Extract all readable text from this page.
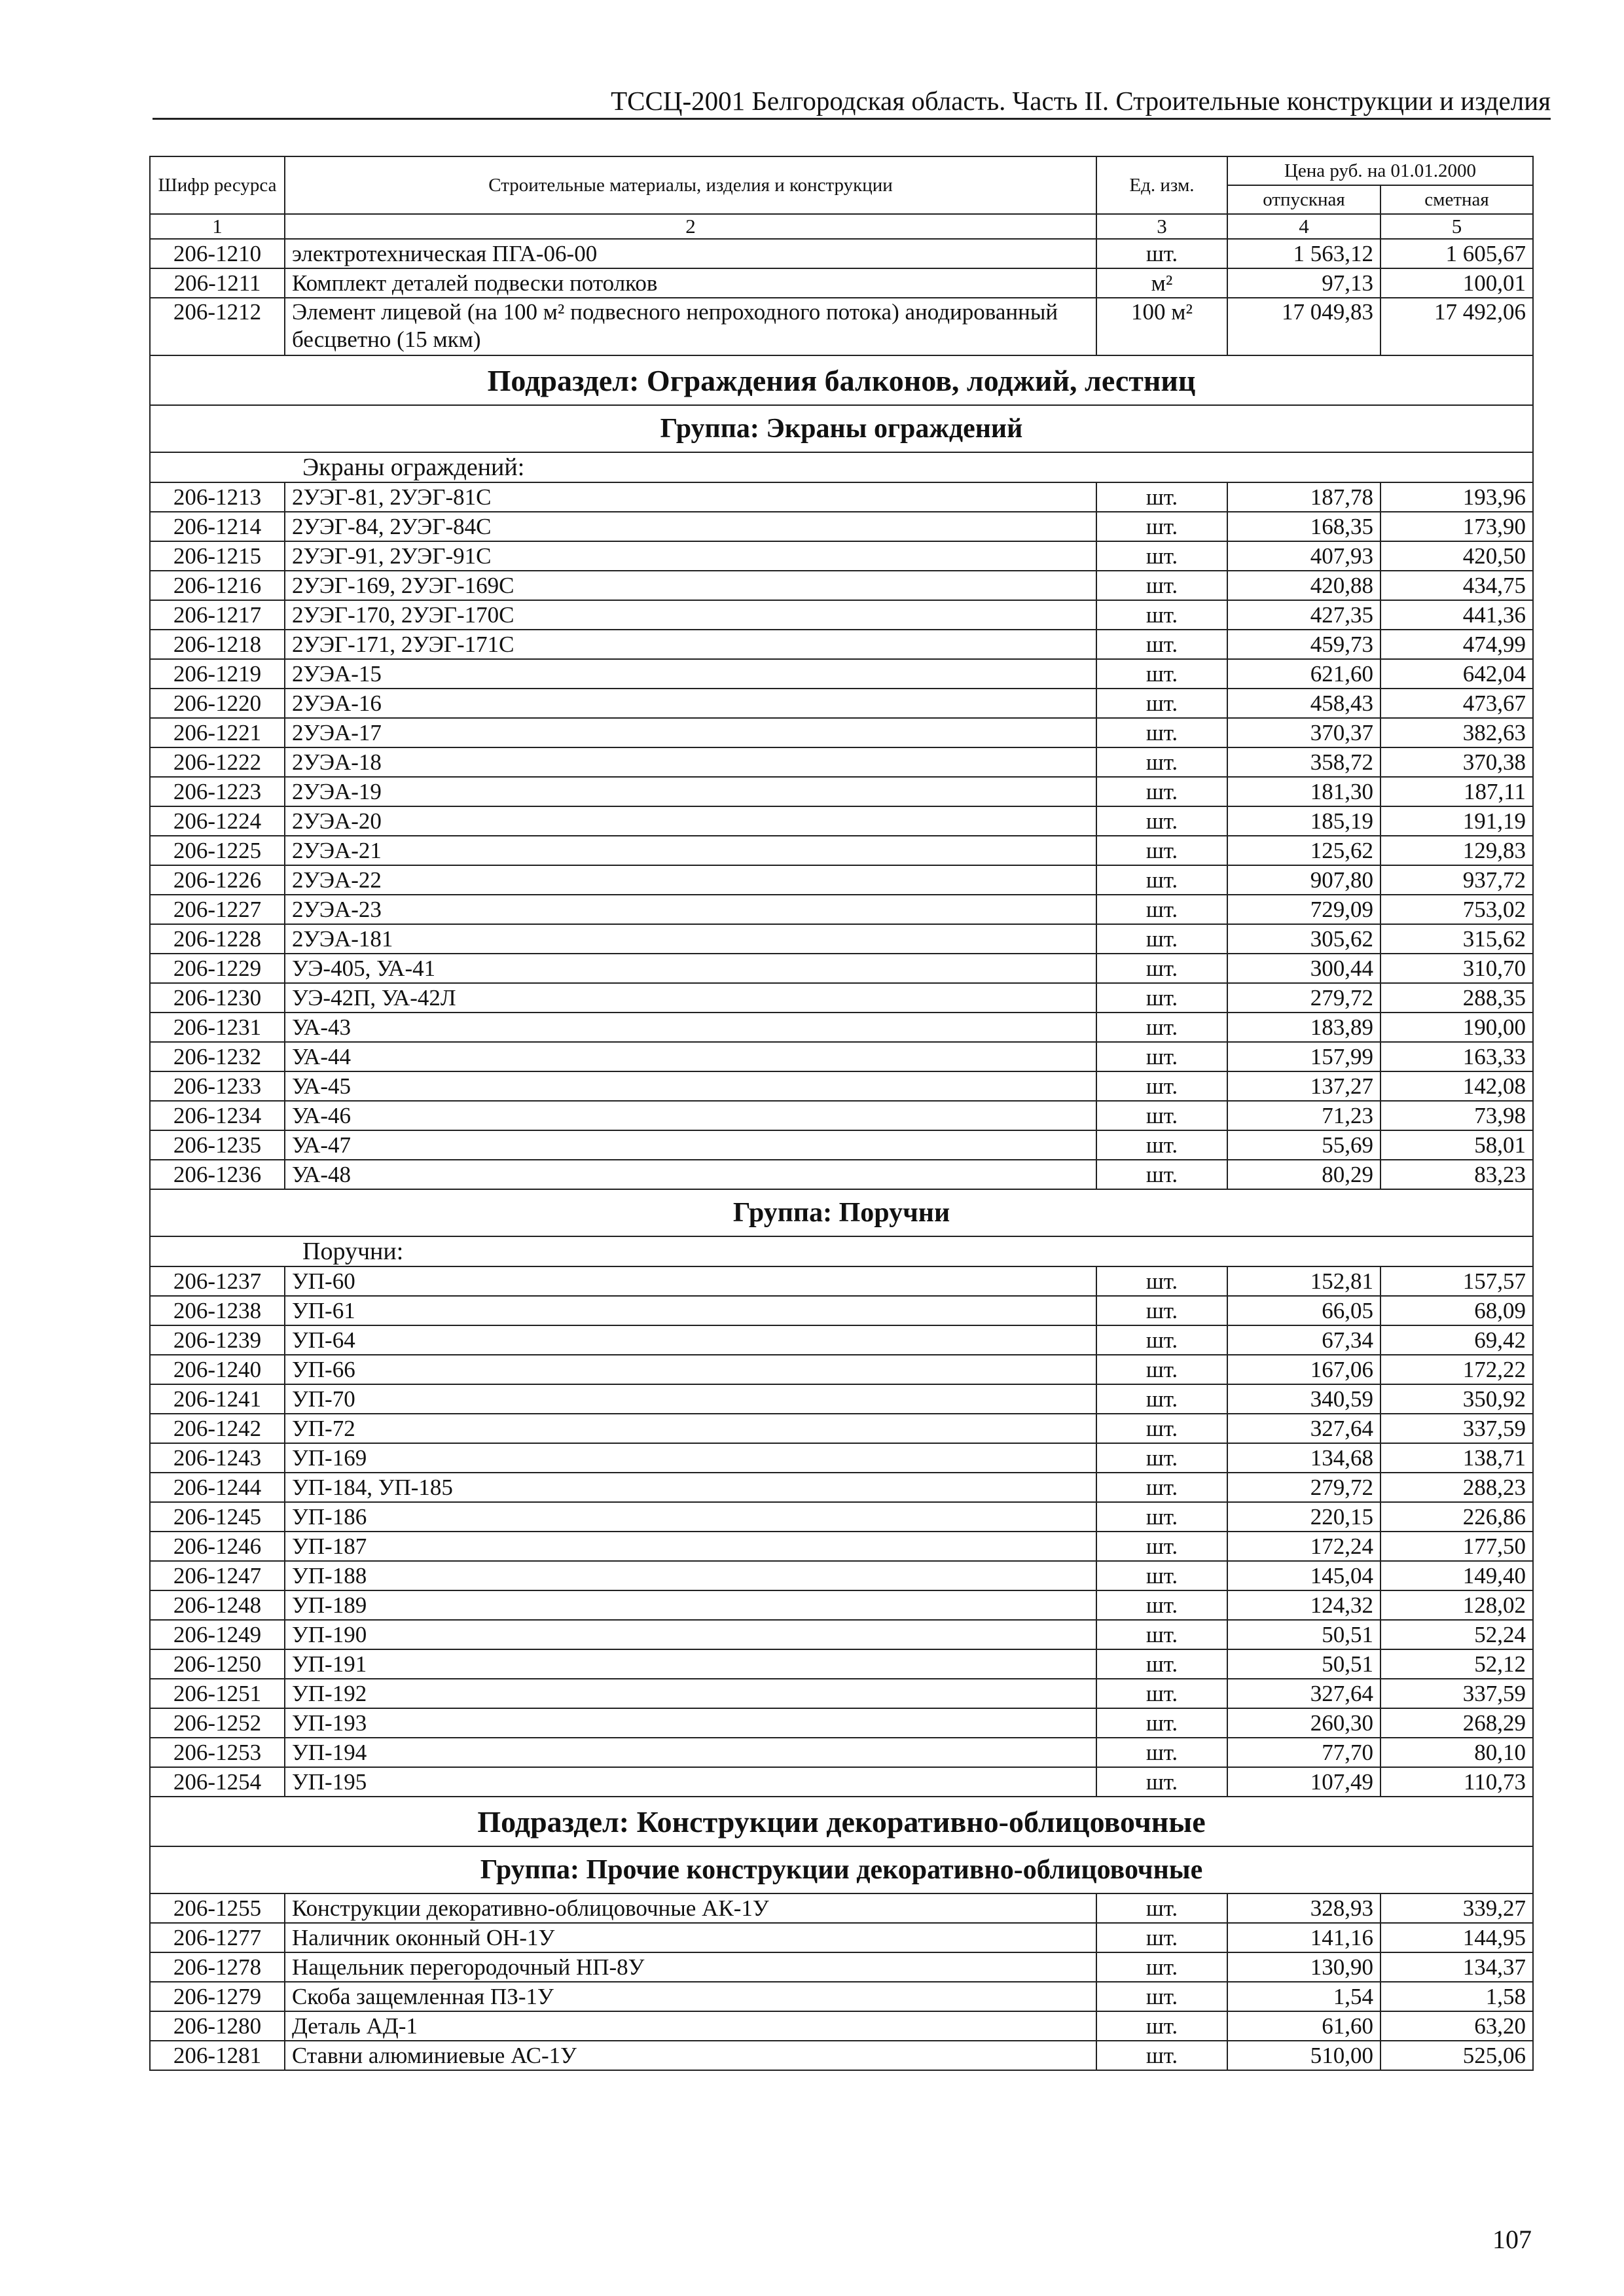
ТССЦ-2001 Белгородская область. Часть II. Строительные конструкции и изделия
Шифр ресурса	Строительные материалы, изделия и конструкции	Ед. изм.	Цена руб. на 01.01.2000	
			отпускная	сметная
1	2	3	4	5
206-1210	электротехническая ПГА-06-00	шт.	1 563,12	1 605,67
206-1211	Комплект деталей подвески потолков	м²	97,13	100,01
206-1212	Элемент лицевой (на 100 м² подвесного непроходного потока) анодированный бесцветно (15 мкм)	100 м²	17 049,83	17 492,06
Подраздел: Ограждения балконов, лоджий, лестниц				
Группа: Экраны ограждений				
Экраны ограждений:				
206-1213	2УЭГ-81, 2УЭГ-81С	шт.	187,78	193,96
206-1214	2УЭГ-84, 2УЭГ-84С	шт.	168,35	173,90
206-1215	2УЭГ-91, 2УЭГ-91С	шт.	407,93	420,50
206-1216	2УЭГ-169, 2УЭГ-169С	шт.	420,88	434,75
206-1217	2УЭГ-170, 2УЭГ-170С	шт.	427,35	441,36
206-1218	2УЭГ-171, 2УЭГ-171С	шт.	459,73	474,99
206-1219	2УЭА-15	шт.	621,60	642,04
206-1220	2УЭА-16	шт.	458,43	473,67
206-1221	2УЭА-17	шт.	370,37	382,63
206-1222	2УЭА-18	шт.	358,72	370,38
206-1223	2УЭА-19	шт.	181,30	187,11
206-1224	2УЭА-20	шт.	185,19	191,19
206-1225	2УЭА-21	шт.	125,62	129,83
206-1226	2УЭА-22	шт.	907,80	937,72
206-1227	2УЭА-23	шт.	729,09	753,02
206-1228	2УЭА-181	шт.	305,62	315,62
206-1229	УЭ-405, УА-41	шт.	300,44	310,70
206-1230	УЭ-42П, УА-42Л	шт.	279,72	288,35
206-1231	УА-43	шт.	183,89	190,00
206-1232	УА-44	шт.	157,99	163,33
206-1233	УА-45	шт.	137,27	142,08
206-1234	УА-46	шт.	71,23	73,98
206-1235	УА-47	шт.	55,69	58,01
206-1236	УА-48	шт.	80,29	83,23
Группа: Поручни				
Поручни:				
206-1237	УП-60	шт.	152,81	157,57
206-1238	УП-61	шт.	66,05	68,09
206-1239	УП-64	шт.	67,34	69,42
206-1240	УП-66	шт.	167,06	172,22
206-1241	УП-70	шт.	340,59	350,92
206-1242	УП-72	шт.	327,64	337,59
206-1243	УП-169	шт.	134,68	138,71
206-1244	УП-184, УП-185	шт.	279,72	288,23
206-1245	УП-186	шт.	220,15	226,86
206-1246	УП-187	шт.	172,24	177,50
206-1247	УП-188	шт.	145,04	149,40
206-1248	УП-189	шт.	124,32	128,02
206-1249	УП-190	шт.	50,51	52,24
206-1250	УП-191	шт.	50,51	52,12
206-1251	УП-192	шт.	327,64	337,59
206-1252	УП-193	шт.	260,30	268,29
206-1253	УП-194	шт.	77,70	80,10
206-1254	УП-195	шт.	107,49	110,73
Подраздел: Конструкции декоративно-облицовочные				
Группа: Прочие конструкции декоративно-облицовочные				
206-1255	Конструкции декоративно-облицовочные АК-1У	шт.	328,93	339,27
206-1277	Наличник оконный ОН-1У	шт.	141,16	144,95
206-1278	Нащельник перегородочный НП-8У	шт.	130,90	134,37
206-1279	Скоба защемленная ПЗ-1У	шт.	1,54	1,58
206-1280	Деталь АД-1	шт.	61,60	63,20
206-1281	Ставни алюминиевые АС-1У	шт.	510,00	525,06
107
